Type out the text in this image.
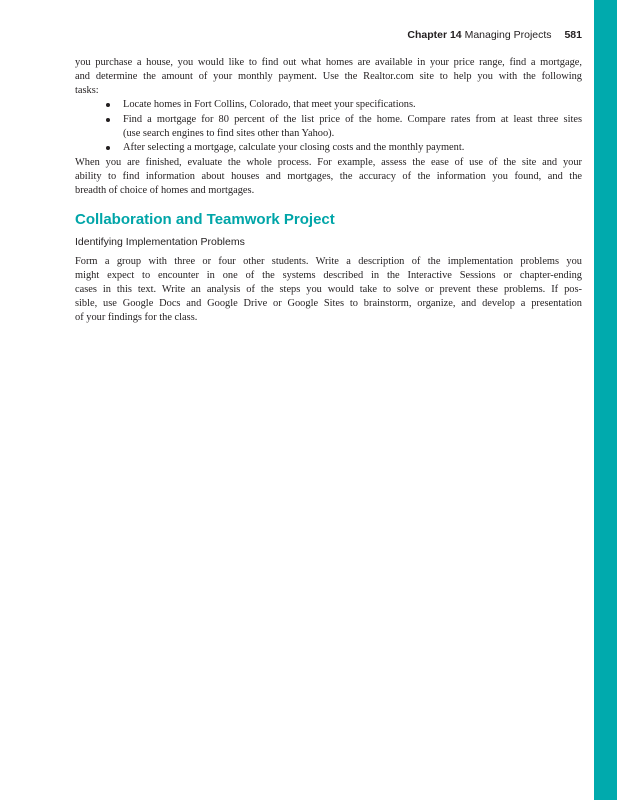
Chapter 14 Managing Projects 581
you purchase a house, you would like to find out what homes are available in your price range, find a mortgage,
and determine the amount of your monthly payment. Use the Realtor.com site to help you with the following
tasks:
Locate homes in Fort Collins, Colorado, that meet your specifications.
Find a mortgage for 80 percent of the list price of the home. Compare rates from at least three sites
(use search engines to find sites other than Yahoo).
After selecting a mortgage, calculate your closing costs and the monthly payment.
When you are finished, evaluate the whole process. For example, assess the ease of use of the site and your
ability to find information about houses and mortgages, the accuracy of the information you found, and the
breadth of choice of homes and mortgages.
Collaboration and Teamwork Project
Identifying Implementation Problems
Form a group with three or four other students. Write a description of the implementation problems you
might expect to encounter in one of the systems described in the Interactive Sessions or chapter-ending
cases in this text. Write an analysis of the steps you would take to solve or prevent these problems. If pos-
sible, use Google Docs and Google Drive or Google Sites to brainstorm, organize, and develop a presentation
of your findings for the class.
